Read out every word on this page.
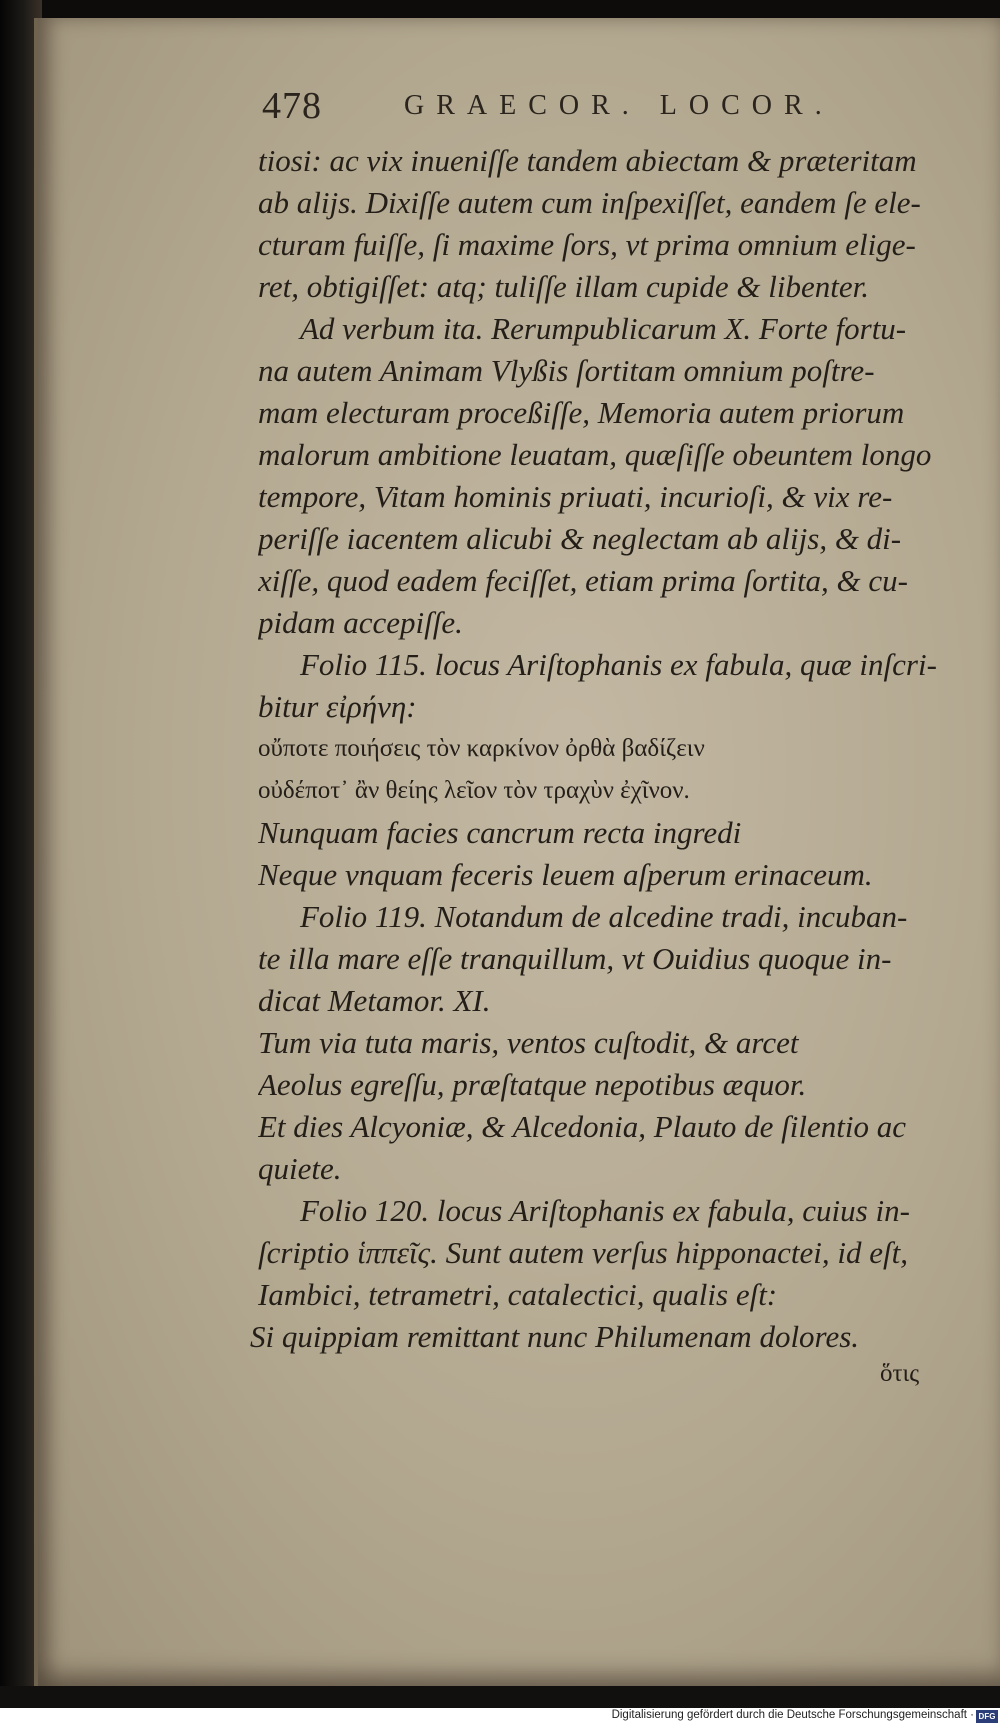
478	GRAECOR. LOCOR.
tiosi: ac vix inueniſſe tandem abiectam & præteritam
ab alijs. Dixiſſe autem cum inſpexiſſet, eandem ſe ele-
cturam fuiſſe, ſi maxime ſors, vt prima omnium elige-
ret, obtigiſſet: atq; tuliſſe illam cupide & libenter.
Ad verbum ita. Rerumpublicarum X. Forte fortu-
na autem Animam Vlyßis ſortitam omnium poſtre-
mam electuram proceßiſſe, Memoria autem priorum
malorum ambitione leuatam, quæſiſſe obeuntem longo
tempore, Vitam hominis priuati, incurioſi, & vix re-
periſſe iacentem alicubi & neglectam ab alijs, & di-
xiſſe, quod eadem feciſſet, etiam prima ſortita, & cu-
pidam accepiſſe.
Folio 115. locus Ariſtophanis ex fabula, quæ inſcri-
bitur εἰρήνη:
οὔποτε ποιήσεις τὸν καρκίνον ὀρθὰ βαδίζειν
οὐδέποτ᾽ ἂν θείης λεῖον τὸν τραχὺν ἐχῖνον.
Nunquam facies cancrum recta ingredi
Neque vnquam feceris leuem aſperum erinaceum.
Folio 119. Notandum de alcedine tradi, incuban-
te illa mare eſſe tranquillum, vt Ouidius quoque in-
dicat Metamor. XI.
Tum via tuta maris, ventos cuſtodit, & arcet
Aeolus egreſſu, præſtatque nepotibus æquor.
Et dies Alcyoniæ, & Alcedonia, Plauto de ſilentio ac
quiete.
Folio 120. locus Ariſtophanis ex fabula, cuius in-
ſcriptio ἱππεῖς. Sunt autem verſus hipponactei, id eſt,
Iambici, tetrametri, catalectici, qualis eſt:
Si quippiam remittant nunc Philumenam dolores.
ὅτις
Digitalisierung gefördert durch die Deutsche Forschungsgemeinschaft · DFG
